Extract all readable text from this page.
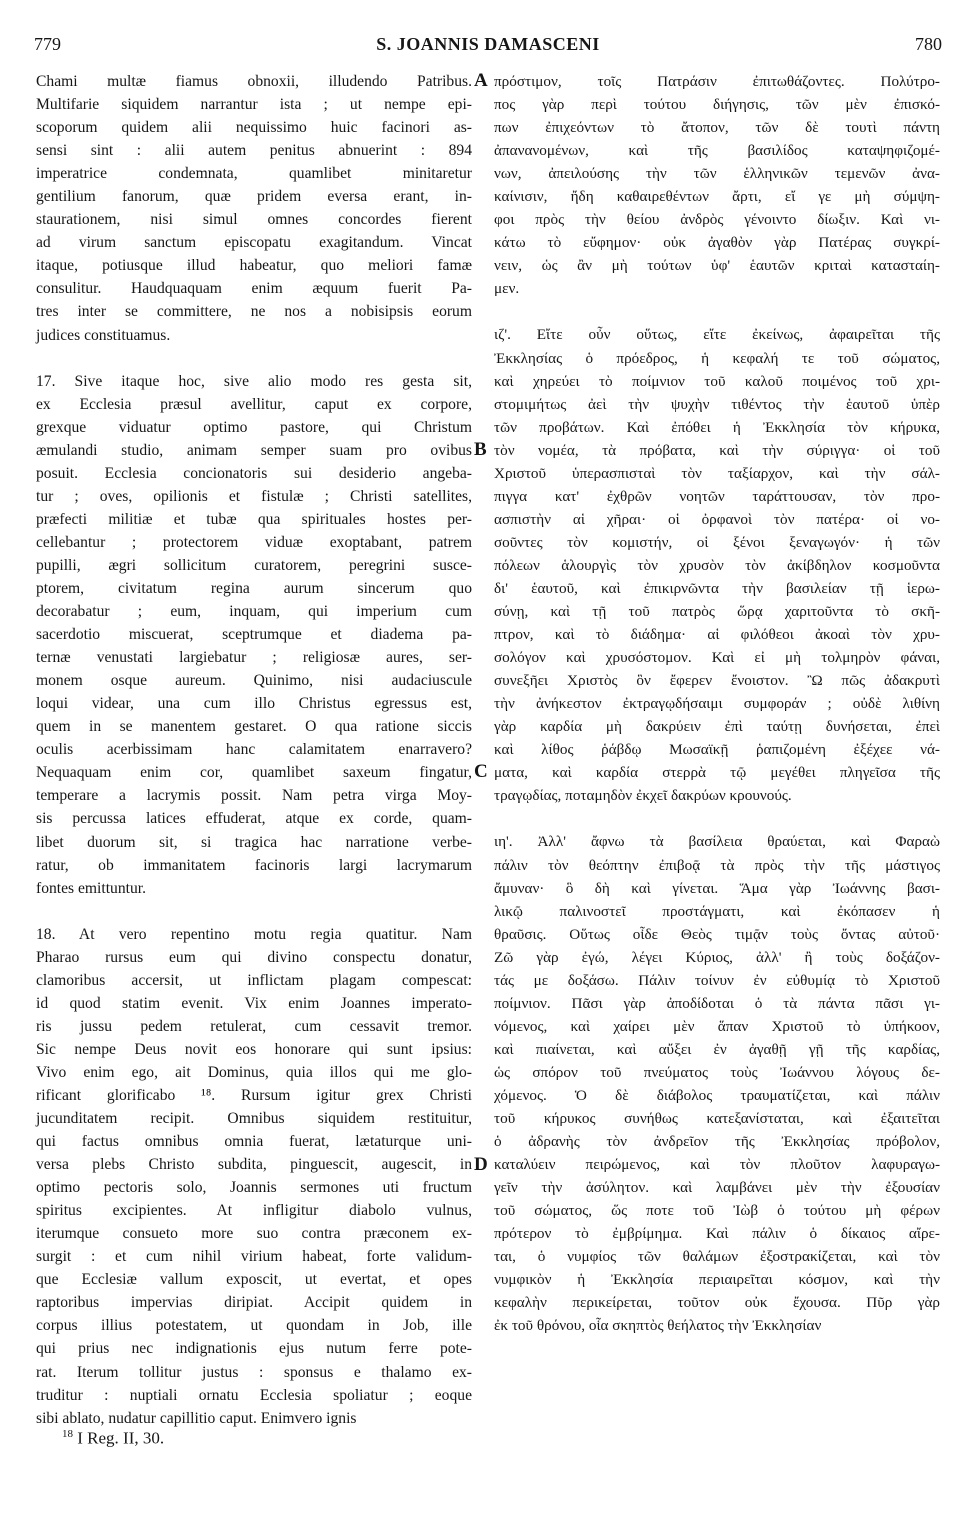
779	S. JOANNIS DAMASCENI	780
Chami multæ fiamus obnoxii, illudendo Patribus.
Multifarie siquidem narrantur ista ; ut nempe epi-
scoporum quidem alii nequissimo huic facinori as-
sensi sint : alii autem penitus abnuerint : 894
imperatrice condemnata, quamlibet minitaretur
gentilium fanorum, quæ pridem eversa erant, in-
staurationem, nisi simul omnes concordes fierent
ad virum sanctum episcopatu exagitandum. Vincat
itaque, potiusque illud habeatur, quo meliori famæ
consulitur. Haudquaquam enim æquum fuerit Pa-
tres inter se committere, ne nos a nobisipsis eorum
judices constituamus.
17. Sive itaque hoc, sive alio modo res gesta sit,
ex Ecclesia præsul avellitur, caput ex corpore,
grexque viduatur optimo pastore, qui Christum
æmulandi studio, animam semper suam pro ovibus
posuit. Ecclesia concionatoris sui desiderio angeba-
tur ; oves, opilionis et fistulæ ; Christi satellites,
præfecti militiæ et tubæ qua spirituales hostes per-
cellebantur ; protectorem viduæ exoptabant, patrem
pupilli, ægri sollicitum curatorem, peregrini susce-
ptorem, civitatum regina aurum sincerum quo
decorabatur ; eum, inquam, qui imperium cum
sacerdotio miscuerat, sceptrumque et diadema pa-
ternæ venustati largiebatur ; religiosæ aures, ser-
monem osque aureum. Quinimo, nisi audaciuscule
loqui videar, una cum illo Christus egressus est,
quem in se manentem gestaret. O qua ratione siccis
oculis acerbissimam hanc calamitatem enarravero?
Nequaquam enim cor, quamlibet saxeum fingatur,
temperare a lacrymis possit. Nam petra virga Moy-
sis percussa latices effuderat, atque ex corde, quam-
libet duorum sit, si tragica hac narratione verbe-
ratur, ob immanitatem facinoris largi lacrymarum
fontes emittuntur.
18. At vero repentino motu regia quatitur. Nam
Pharao rursus eum qui divino conspectu donatur,
clamoribus accersit, ut inflictam plagam compescat:
id quod statim evenit. Vix enim Joannes imperato-
ris jussu pedem retulerat, cum cessavit tremor.
Sic nempe Deus novit eos honorare qui sunt ipsius:
Vivo enim ego, ait Dominus, quia illos qui me glo-
rificant glorificabo ¹⁸. Rursum igitur grex Christi
jucunditatem recipit. Omnibus siquidem restituitur,
qui factus omnibus omnia fuerat, lætaturque uni-
versa plebs Christo subdita, pinguescit, augescit, in
optimo pectoris solo, Joannis sermones uti fructum
spiritus excipientes. At infligitur diabolo vulnus,
iterumque consueto more suo contra præconem ex-
surgit : et cum nihil virium habeat, forte validum-
que Ecclesiæ vallum exposcit, ut evertat, et opes
raptoribus impervias diripiat. Accipit quidem in
corpus illius potestatem, ut quondam in Job, ille
qui prius nec indignationis ejus nutum ferre pote-
rat. Iterum tollitur justus : sponsus e thalamo ex-
truditur : nuptiali ornatu Ecclesia spoliatur ; eoque
sibi ablato, nudatur capillitio caput. Enimvero ignis
πρόστιμον, τοῖς Πατράσιν ἐπιτωθάζοντες. Πολύτρο-
πος γὰρ περὶ τούτου διήγησις, τῶν μὲν ἐπισκό-
πων ἐπιχεόντων τὸ ἄτοπον, τῶν δὲ τουτὶ πάντη
ἀπανανομένων, καὶ τῆς βασιλίδος καταψηφιζομέ-
νων, ἀπειλούσης τὴν τῶν ἑλληνικῶν τεμενῶν ἀνα-
καίνισιν, ἤδη καθαιρεθέντων ἄρτι, εἴ γε μὴ σύμψη-
φοι πρὸς τὴν θείου ἀνδρὸς γένοιντο δίωξιν. Καὶ νι-
κάτω τὸ εὔφημον· οὐκ ἀγαθὸν γὰρ Πατέρας συγκρί-
νειν, ὡς ἂν μὴ τούτων ὑφ' ἑαυτῶν κριταὶ κατασταίη-
μεν.
ιζ'. Εἴτε οὖν οὕτως, εἴτε ἐκείνως, ἀφαιρεῖται τῆς
Ἐκκλησίας ὁ πρόεδρος, ἡ κεφαλή τε τοῦ σώματος,
καὶ χηρεύει τὸ ποίμνιον τοῦ καλοῦ ποιμένος τοῦ χρι-
στομιμήτως ἀεὶ τὴν ψυχὴν τιθέντος τὴν ἑαυτοῦ ὑπὲρ
τῶν προβάτων. Καὶ ἐπόθει ἡ Ἐκκλησία τὸν κήρυκα,
τὸν νομέα, τὰ πρόβατα, καὶ τὴν σύριγγα· οἱ τοῦ
Χριστοῦ ὑπερασπισταὶ τὸν ταξίαρχον, καὶ τὴν σάλ-
πιγγα κατ' ἐχθρῶν νοητῶν ταράττουσαν, τὸν προ-
ασπιστὴν αἱ χῆραι· οἱ ὀρφανοὶ τὸν πατέρα· οἱ νο-
σοῦντες τὸν κομιστήν, οἱ ξένοι ξεναγωγόν· ἡ τῶν
πόλεων ἁλουργὶς τὸν χρυσὸν τὸν ἀκίβδηλον κοσμοῦντα
δι' ἑαυτοῦ, καὶ ἐπικιρνῶντα τὴν βασιλείαν τῇ ἱερω-
σύνῃ, καὶ τῇ τοῦ πατρὸς ὥρᾳ χαριτοῦντα τὸ σκῆ-
πτρον, καὶ τὸ διάδημα· αἱ φιλόθεοι ἀκοαὶ τὸν χρυ-
σολόγον καὶ χρυσόστομον. Καὶ εἰ μὴ τολμηρὸν φάναι,
συνεξῆει Χριστὸς ὃν ἔφερεν ἔνοιστον. Ὢ πῶς ἀδακρυτὶ
τὴν ἀνήκεστον ἐκτραγῳδήσαιμι συμφοράν ; οὐδὲ λιθίνη
γὰρ καρδία μὴ δακρύειν ἐπὶ ταύτῃ δυνήσεται, ἐπεὶ
καὶ λίθος ῥάβδῳ Μωσαϊκῇ ῥαπιζομένη ἐξέχεε νά-
ματα, καὶ καρδία στερρὰ τῷ μεγέθει πληγεῖσα τῆς
τραγῳδίας, ποταμηδὸν ἐκχεῖ δακρύων κρουνούς.
ιη'. Ἀλλ' ἄφνω τὰ βασίλεια θραύεται, καὶ Φαραὼ
πάλιν τὸν θεόπτην ἐπιβοᾷ τὰ πρὸς τὴν τῆς μάστιγος
ἄμυναν· ὃ δὴ καὶ γίνεται. Ἅμα γὰρ Ἰωάννης βασι-
λικῷ παλινοστεῖ προστάγματι, καὶ ἐκόπασεν ἡ
θραῦσις. Οὕτως οἶδε Θεὸς τιμᾷν τοὺς ὄντας αὐτοῦ·
Ζῶ γὰρ ἐγώ, λέγει Κύριος, ἀλλ' ἢ τοὺς δοξάζον-
τάς με δοξάσω. Πάλιν τοίνυν ἐν εὐθυμίᾳ τὸ Χριστοῦ
ποίμνιον. Πᾶσι γὰρ ἀποδίδοται ὁ τὰ πάντα πᾶσι γι-
νόμενος, καὶ χαίρει μὲν ἅπαν Χριστοῦ τὸ ὑπήκοον,
καὶ πιαίνεται, καὶ αὔξει ἐν ἀγαθῇ γῇ τῆς καρδίας,
ὡς σπόρον τοῦ πνεύματος τοὺς Ἰωάννου λόγους δε-
χόμενος. Ὁ δὲ διάβολος τραυματίζεται, καὶ πάλιν
τοῦ κήρυκος συνήθως κατεξανίσταται, καὶ ἐξαιτεῖται
ὁ ἀδρανὴς τὸν ἀνδρεῖον τῆς Ἐκκλησίας πρόβολον,
καταλύειν πειρώμενος, καὶ τὸν πλοῦτον λαφυραγω-
γεῖν τὴν ἀσύλητον. καὶ λαμβάνει μὲν τὴν ἐξουσίαν
τοῦ σώματος, ὥς ποτε τοῦ Ἰὼβ ὁ τούτου μὴ φέρων
πρότερον τὸ ἐμβρίμημα. Καὶ πάλιν ὁ δίκαιος αἴρε-
ται, ὁ νυμφίος τῶν θαλάμων ἐξοστρακίζεται, καὶ τὸν
νυμφικὸν ἡ Ἐκκλησία περιαιρεῖται κόσμον, καὶ τὴν
κεφαλὴν περικείρεται, τοῦτον οὐκ ἔχουσα. Πῦρ γὰρ
ἐκ τοῦ θρόνου, οἷα σκηπτὸς θεήλατος τὴν Ἐκκλησίαν
A
B
C
D
$^{18}$ I Reg. II, 30.
